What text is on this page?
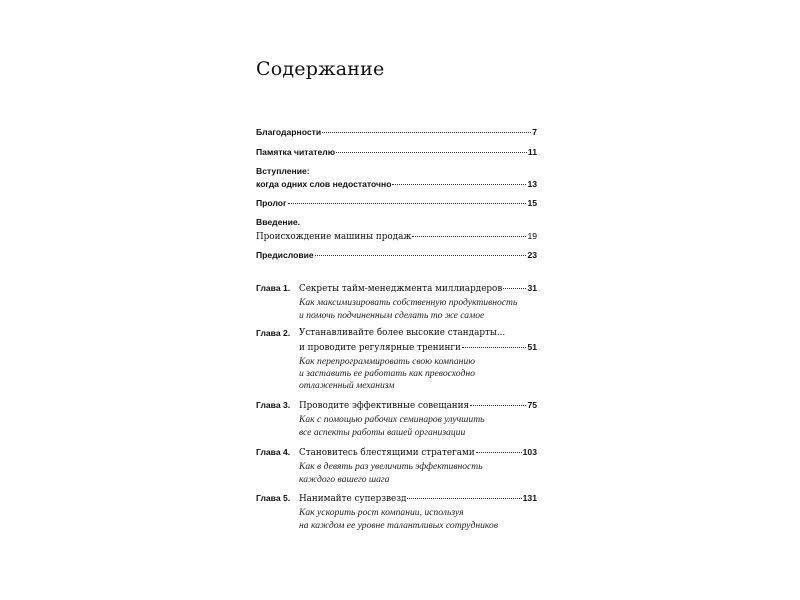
Содержание
Благодарности	7
Памятка читателю	11
Вступление:
когда одних слов недостаточно	13
Пролог	15
Введение.
Происхождение машины продаж	19
Предисловие	23
Глава 1. Секреты тайм-менеджмента миллиардеров	31
Как максимизировать собственную продуктивность
и помочь подчиненным сделать то же самое
Глава 2. Устанавливайте более высокие стандарты...
и проводите регулярные тренинги	51
Как перепрограммировать свою компанию
и заставить ее работать как превосходно
отлаженный механизм
Глава 3. Проводите эффективные совещания	75
Как с помощью рабочих семинаров улучшить
все аспекты работы вашей организации
Глава 4. Становитесь блестящими стратегами	103
Как в девять раз увеличить эффективность
каждого вашего шага
Глава 5. Нанимайте суперзвезд	131
Как ускорить рост компании, используя
на каждом ее уровне талантливых сотрудников
